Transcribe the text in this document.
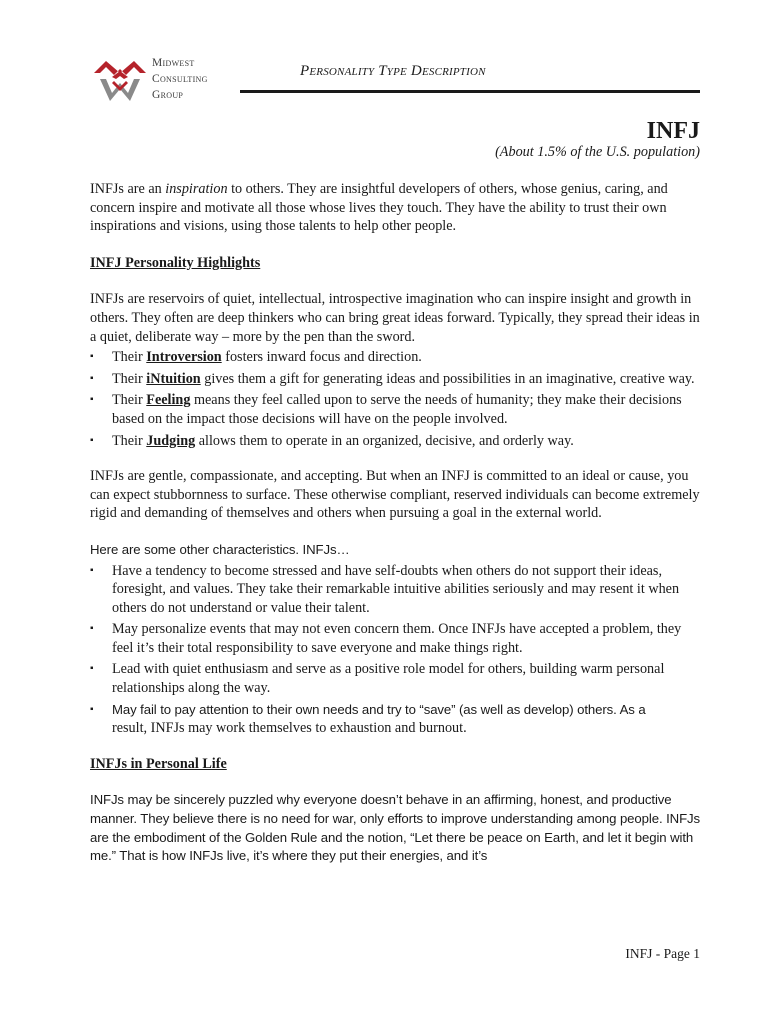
Midwest
Consulting
Group
Personality Type Description
INFJ
(About 1.5% of the U.S. population)

INFJs are an inspiration to others. They are insightful developers of others, whose genius, caring, and concern inspire and motivate all those whose lives they touch. They have the ability to trust their own inspirations and visions, using those talents to help other people.

INFJ Personality Highlights

INFJs are reservoirs of quiet, intellectual, introspective imagination who can inspire insight and growth in others. They often are deep thinkers who can bring great ideas forward. Typically, they spread their ideas in a quiet, deliberate way – more by the pen than the sword.

▪ Their Introversion fosters inward focus and direction.
▪ Their iNtuition gives them a gift for generating ideas and possibilities in an imaginative, creative way.
▪ Their Feeling means they feel called upon to serve the needs of humanity; they make their decisions based on the impact those decisions will have on the people involved.
▪ Their Judging allows them to operate in an organized, decisive, and orderly way.

INFJs are gentle, compassionate, and accepting. But when an INFJ is committed to an ideal or cause, you can expect stubbornness to surface. These otherwise compliant, reserved individuals can become extremely rigid and demanding of themselves and others when pursuing a goal in the external world.

Here are some other characteristics. INFJs…

▪ Have a tendency to become stressed and have self-doubts when others do not support their ideas, foresight, and values. They take their remarkable intuitive abilities seriously and may resent it when others do not understand or value their talent.
▪ May personalize events that may not even concern them. Once INFJs have accepted a problem, they feel it’s their total responsibility to save everyone and make things right.
▪ Lead with quiet enthusiasm and serve as a positive role model for others, building warm personal relationships along the way.
▪ May fail to pay attention to their own needs and try to “save” (as well as develop) others. As a
result, INFJs may work themselves to exhaustion and burnout.

INFJs in Personal Life

INFJs may be sincerely puzzled why everyone doesn’t behave in an affirming, honest, and productive manner. They believe there is no need for war, only efforts to improve understanding among people. INFJs are the embodiment of the Golden Rule and the notion, “Let there be peace on Earth, and let it begin with me.” That is how INFJs live, it’s where they put their energies, and it’s

INFJ - Page 1
